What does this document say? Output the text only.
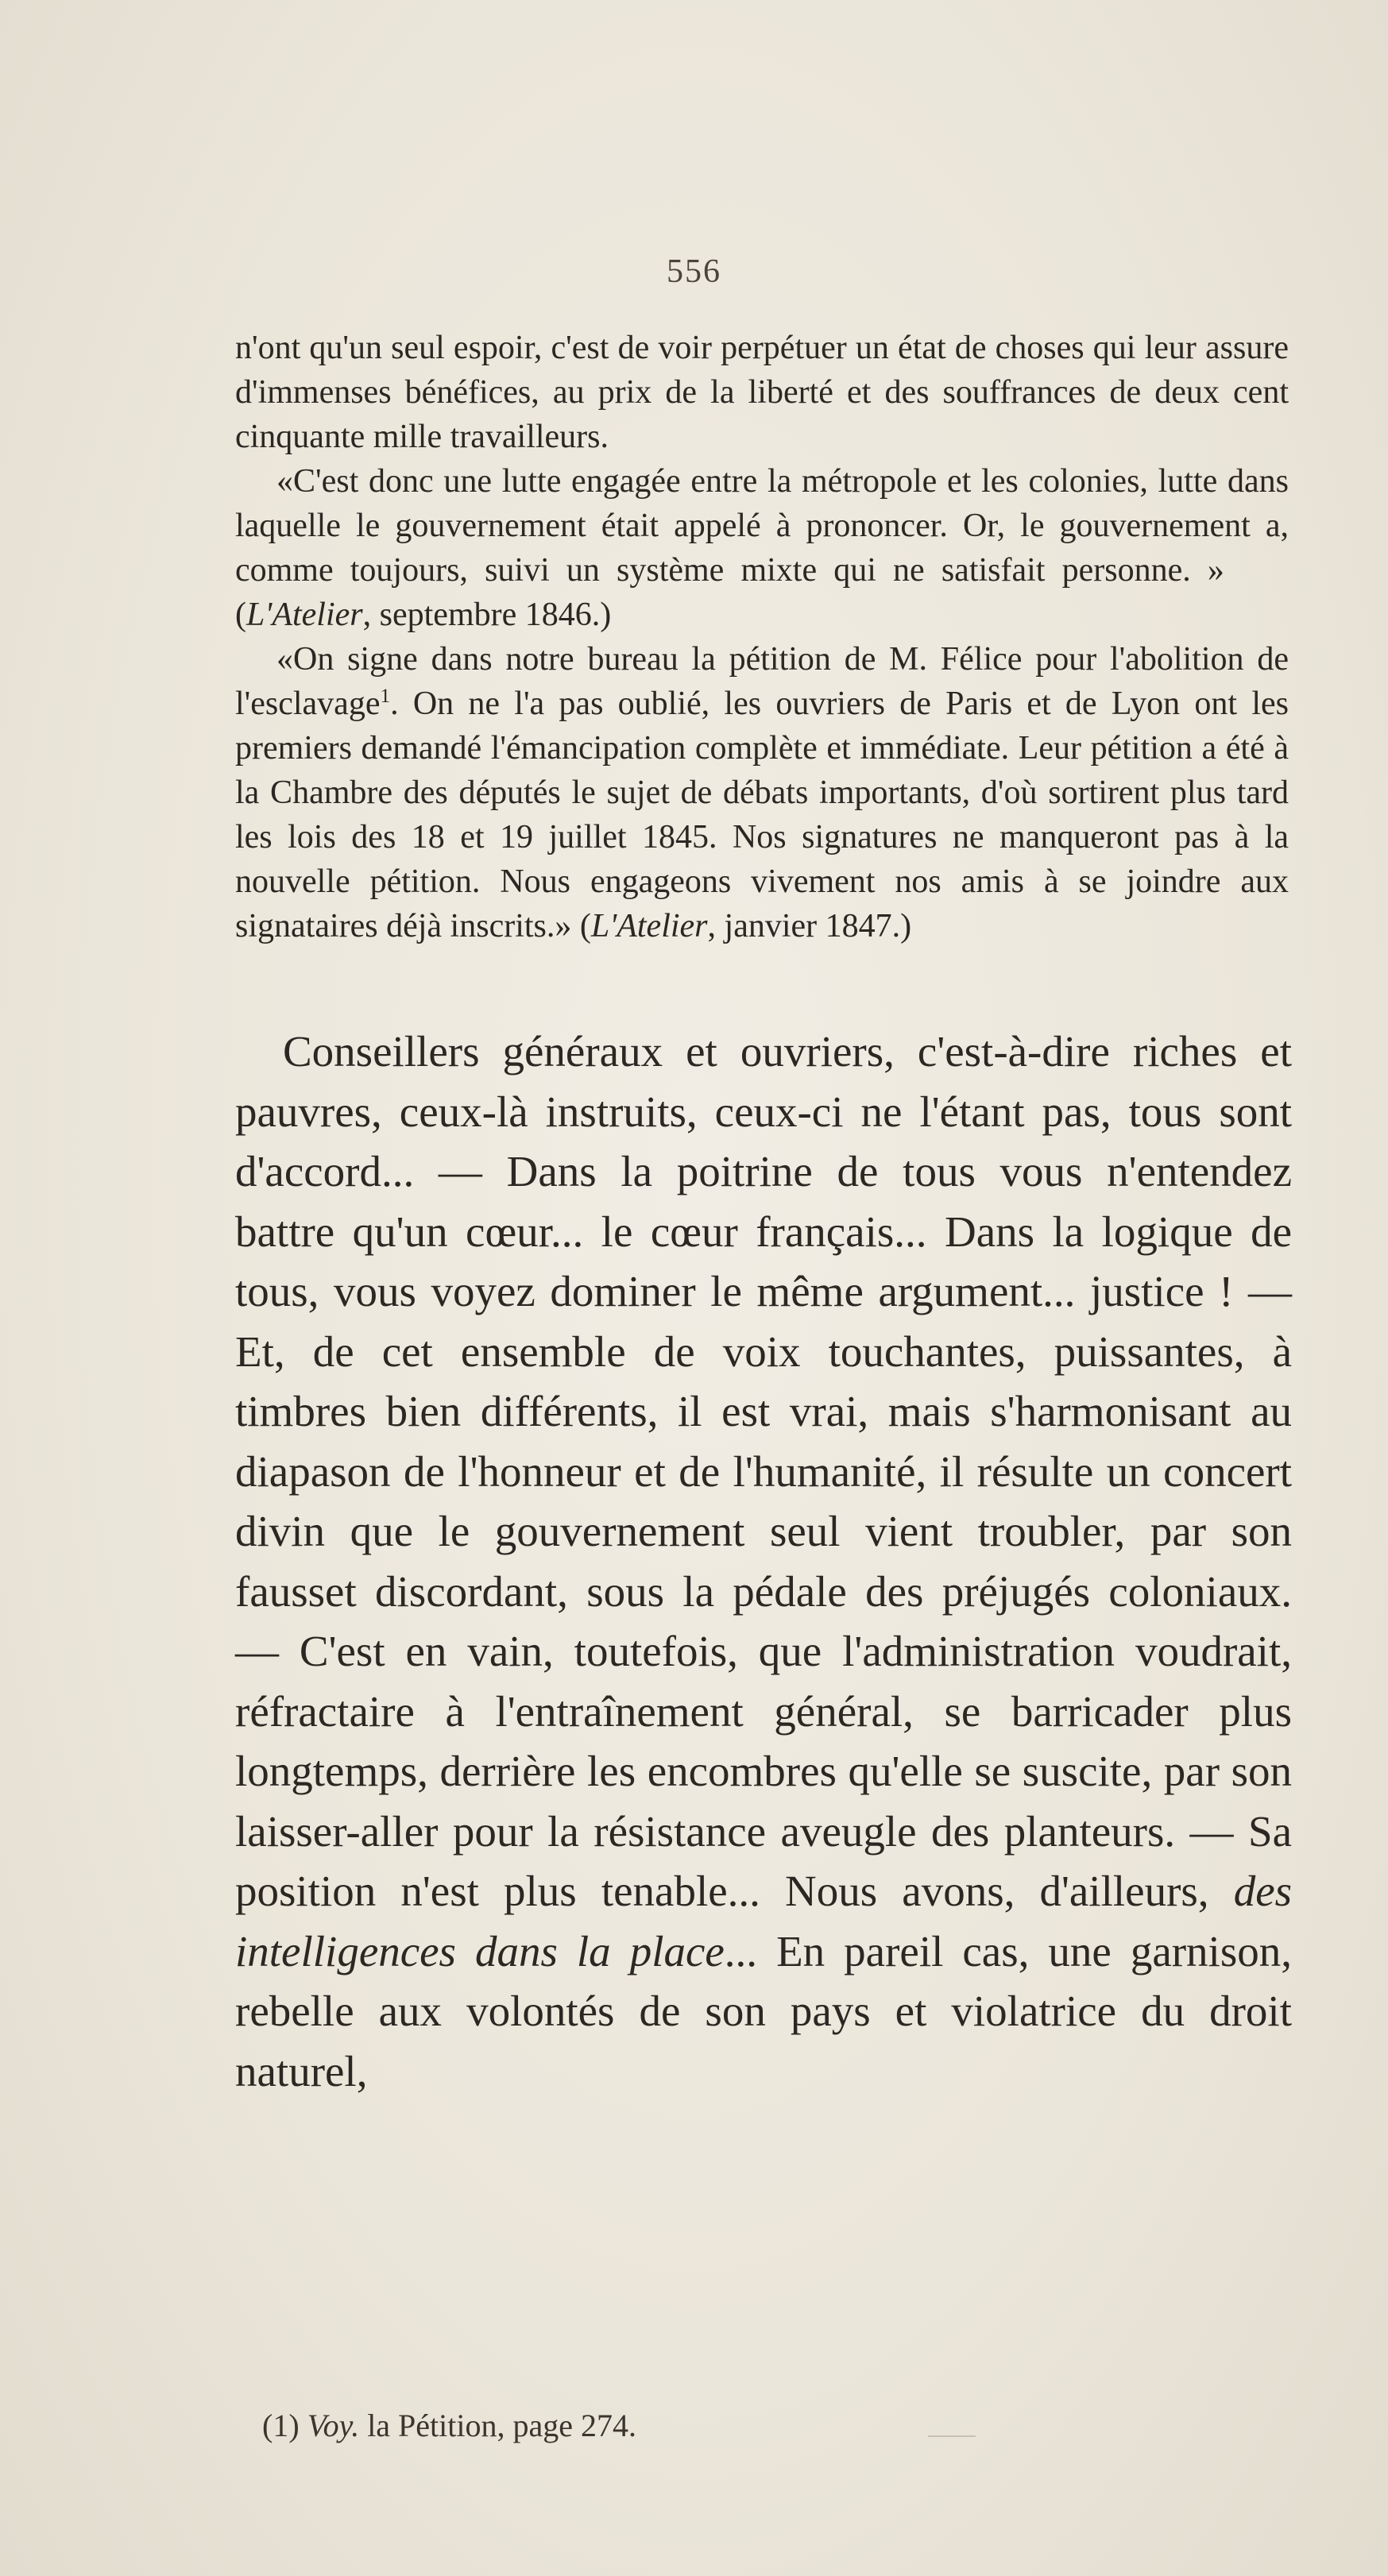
556

n'ont qu'un seul espoir, c'est de voir perpétuer un état de choses qui leur assure d'immenses bénéfices, au prix de la liberté et des souffrances de deux cent cinquante mille travailleurs.

«C'est donc une lutte engagée entre la métropole et les colonies, lutte dans laquelle le gouvernement était appelé à prononcer. Or, le gouvernement a, comme toujours, suivi un système mixte qui ne satisfait personne. »  (L'Atelier, septembre 1846.)

«On signe dans notre bureau la pétition de M. Félice pour l'abolition de l'esclavage$^1$. On ne l'a pas oublié, les ouvriers de Paris et de Lyon ont les premiers demandé l'émancipation complète et immédiate. Leur pétition a été à la Chambre des députés le sujet de débats importants, d'où sortirent plus tard les lois des 18 et 19 juillet 1845. Nos signatures ne manqueront pas à la nouvelle pétition. Nous engageons vivement nos amis à se joindre aux signataires déjà inscrits.» (L'Atelier, janvier 1847.)

Conseillers généraux et ouvriers, c'est-à-dire riches et pauvres, ceux-là instruits, ceux-ci ne l'étant pas, tous sont d'accord... — Dans la poitrine de tous vous n'entendez battre qu'un cœur... le cœur français... Dans la logique de tous, vous voyez dominer le même argument... justice ! — Et, de cet ensemble de voix touchantes, puissantes, à timbres bien différents, il est vrai, mais s'harmonisant au diapason de l'honneur et de l'humanité, il résulte un concert divin que le gouvernement seul vient troubler, par son fausset discordant, sous la pédale des préjugés coloniaux. — C'est en vain, toutefois, que l'administration voudrait, réfractaire à l'entraînement général, se barricader plus longtemps, derrière les encombres qu'elle se suscite, par son laisser-aller pour la résistance aveugle des planteurs. — Sa position n'est plus tenable... Nous avons, d'ailleurs, des intelligences dans la place... En pareil cas, une garnison, rebelle aux volontés de son pays et violatrice du droit naturel,

(1) Voy. la Pétition, page 274.
